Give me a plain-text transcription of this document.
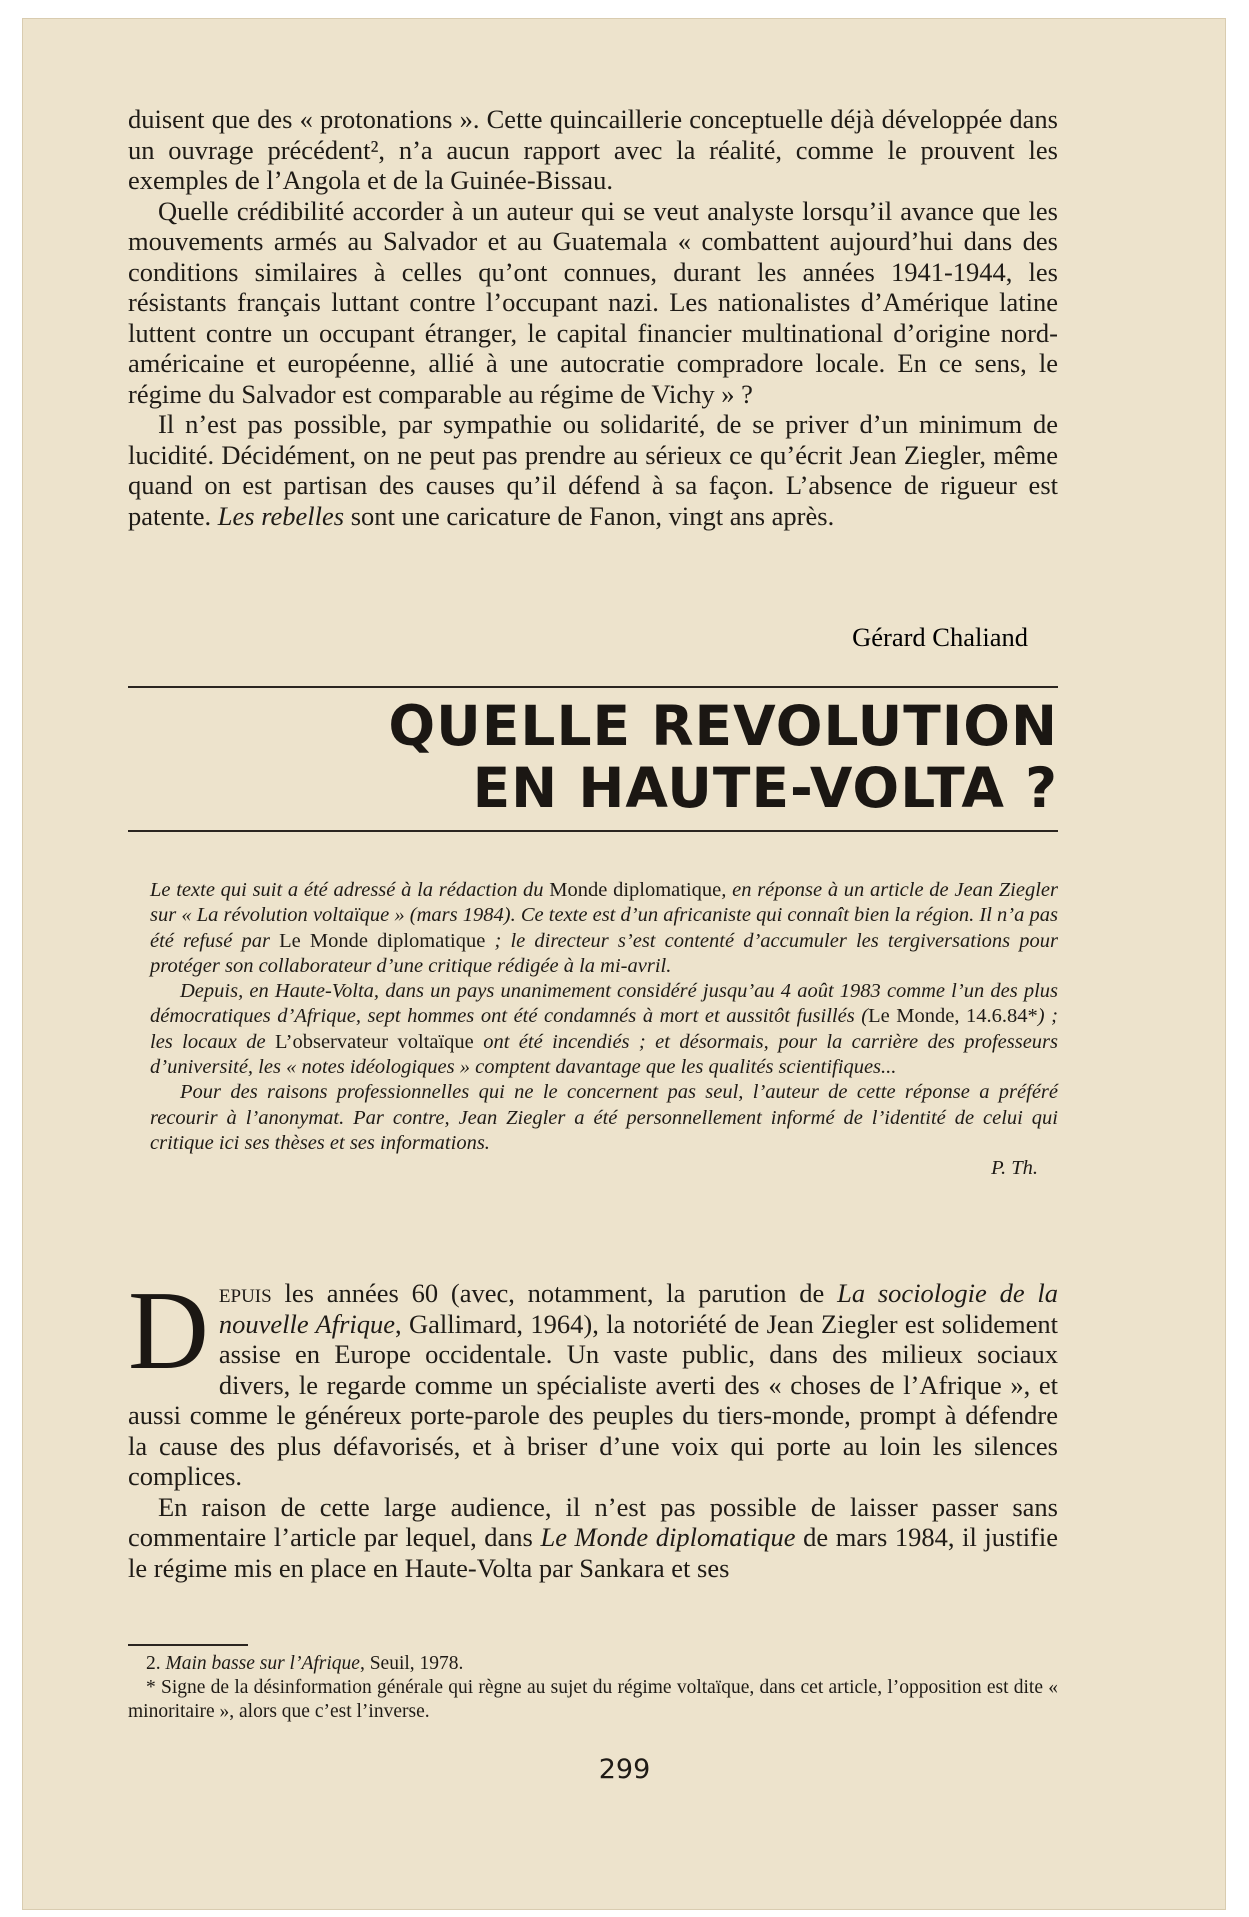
duisent que des « protonations ». Cette quincaillerie conceptuelle déjà développée dans un ouvrage précédent², n’a aucun rapport avec la réalité, comme le prouvent les exemples de l’Angola et de la Guinée-Bissau.

Quelle crédibilité accorder à un auteur qui se veut analyste lorsqu’il avance que les mouvements armés au Salvador et au Guatemala « combattent aujourd’hui dans des conditions similaires à celles qu’ont connues, durant les années 1941-1944, les résistants français luttant contre l’occupant nazi. Les nationalistes d’Amérique latine luttent contre un occupant étranger, le capital financier multinational d’origine nord-américaine et européenne, allié à une autocratie compradore locale. En ce sens, le régime du Salvador est comparable au régime de Vichy » ?

Il n’est pas possible, par sympathie ou solidarité, de se priver d’un minimum de lucidité. Décidément, on ne peut pas prendre au sérieux ce qu’écrit Jean Ziegler, même quand on est partisan des causes qu’il défend à sa façon. L’absence de rigueur est patente. Les rebelles sont une caricature de Fanon, vingt ans après.

Gérard Chaliand
QUELLE REVOLUTION
EN HAUTE-VOLTA ?

Le texte qui suit a été adressé à la rédaction du Monde diplomatique, en réponse à un article de Jean Ziegler sur « La révolution voltaïque » (mars 1984). Ce texte est d’un africaniste qui connaît bien la région. Il n’a pas été refusé par Le Monde diplomatique ; le directeur s’est contenté d’accumuler les tergiversations pour protéger son collaborateur d’une critique rédigée à la mi-avril.

Depuis, en Haute-Volta, dans un pays unanimement considéré jusqu’au 4 août 1983 comme l’un des plus démocratiques d’Afrique, sept hommes ont été condamnés à mort et aussitôt fusillés (Le Monde, 14.6.84*) ; les locaux de L’observateur voltaïque ont été incendiés ; et désormais, pour la carrière des professeurs d’université, les « notes idéologiques » comptent davantage que les qualités scientifiques...

Pour des raisons professionnelles qui ne le concernent pas seul, l’auteur de cette réponse a préféré recourir à l’anonymat. Par contre, Jean Ziegler a été personnellement informé de l’identité de celui qui critique ici ses thèses et ses informations.

P. Th.

Depuis les années 60 (avec, notamment, la parution de La sociologie de la nouvelle Afrique, Gallimard, 1964), la notoriété de Jean Ziegler est solidement assise en Europe occidentale. Un vaste public, dans des milieux sociaux divers, le regarde comme un spécialiste averti des « choses de l’Afrique », et aussi comme le généreux porte-parole des peuples du tiers-monde, prompt à défendre la cause des plus défavorisés, et à briser d’une voix qui porte au loin les silences complices.

En raison de cette large audience, il n’est pas possible de laisser passer sans commentaire l’article par lequel, dans Le Monde diplomatique de mars 1984, il justifie le régime mis en place en Haute-Volta par Sankara et ses

2. Main basse sur l’Afrique, Seuil, 1978.

* Signe de la désinformation générale qui règne au sujet du régime voltaïque, dans cet article, l’opposition est dite « minoritaire », alors que c’est l’inverse.

299
